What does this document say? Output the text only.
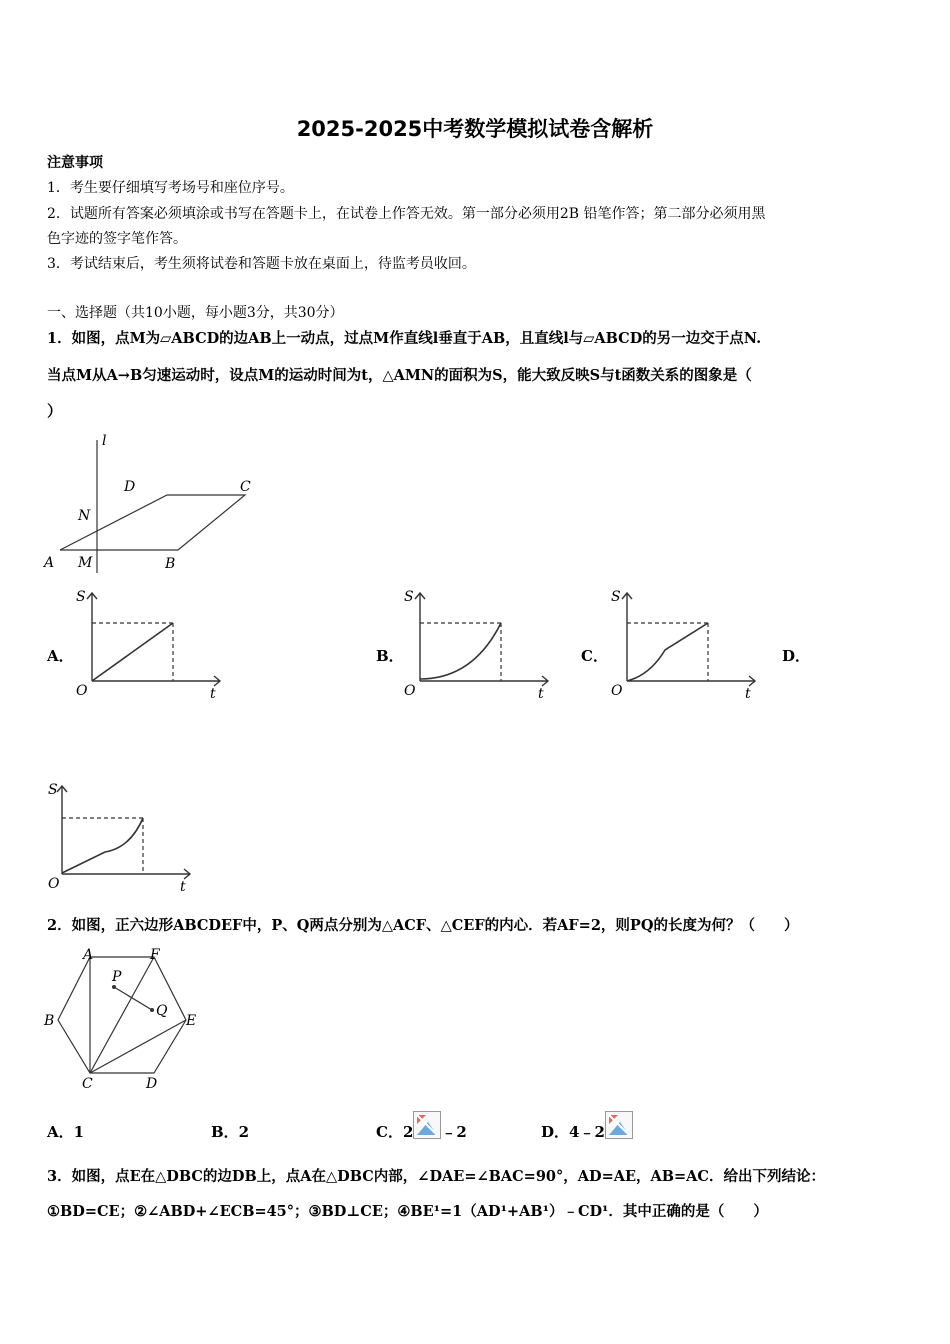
2025-2025中考数学模拟试卷含解析
注意事项
1．考生要仔细填写考场号和座位序号。
2．试题所有答案必须填涂或书写在答题卡上，在试卷上作答无效。第一部分必须用2B 铅笔作答；第二部分必须用黑
色字迹的签字笔作答。
3．考试结束后，考生须将试卷和答题卡放在桌面上，待监考员收回。
一、选择题（共10小题，每小题3分，共30分）
1．如图，点M为▱ABCD的边AB上一动点，过点M作直线l垂直于AB，且直线l与▱ABCD的另一边交于点N.
当点M从A→B匀速运动时，设点M的运动时间为t，△AMN的面积为S，能大致反映S与t函数关系的图象是（
）
l
D	C
N
A M	B
A．
S
t
O
B．
S
t
O
C．
S
t
O
D．
S
t
O
2．如图，正六边形ABCDEF中，P、Q两点分别为△ACF、△CEF的内心．若AF=2，则PQ的长度为何？（　　）
A	F
B	E
C	D
P
Q
A．1	B．2	C．2 ﹣2	D．4﹣2
3．如图，点E在△DBC的边DB上，点A在△DBC内部，∠DAE=∠BAC=90°，AD=AE，AB=AC．给出下列结论：
①BD=CE；②∠ABD+∠ECB=45°；③BD⊥CE；④BE¹=1（AD¹+AB¹）﹣CD¹．其中正确的是（　　）
